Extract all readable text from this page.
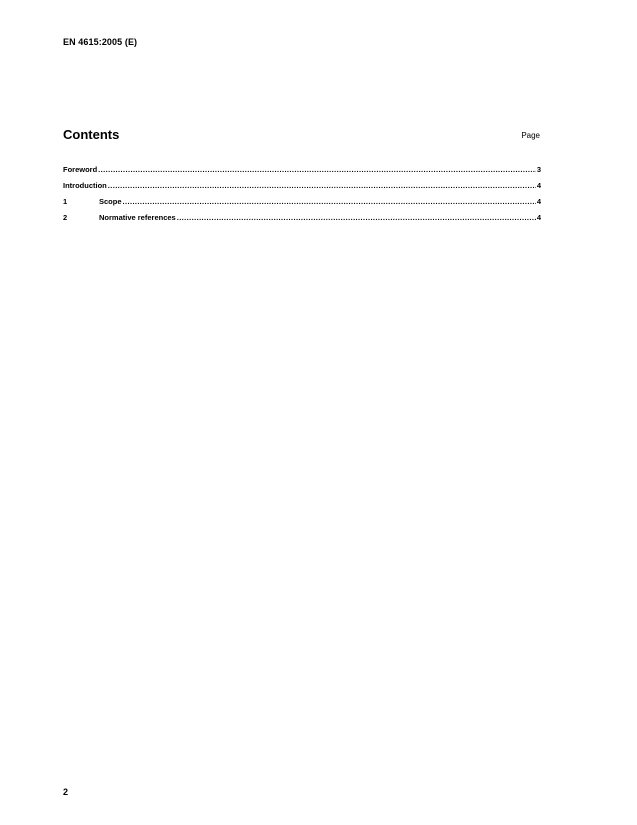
EN 4615:2005 (E)
Contents	Page
Foreword .....	3
Introduction .....	4
1	Scope .....	4
2	Normative references .....	4
2
